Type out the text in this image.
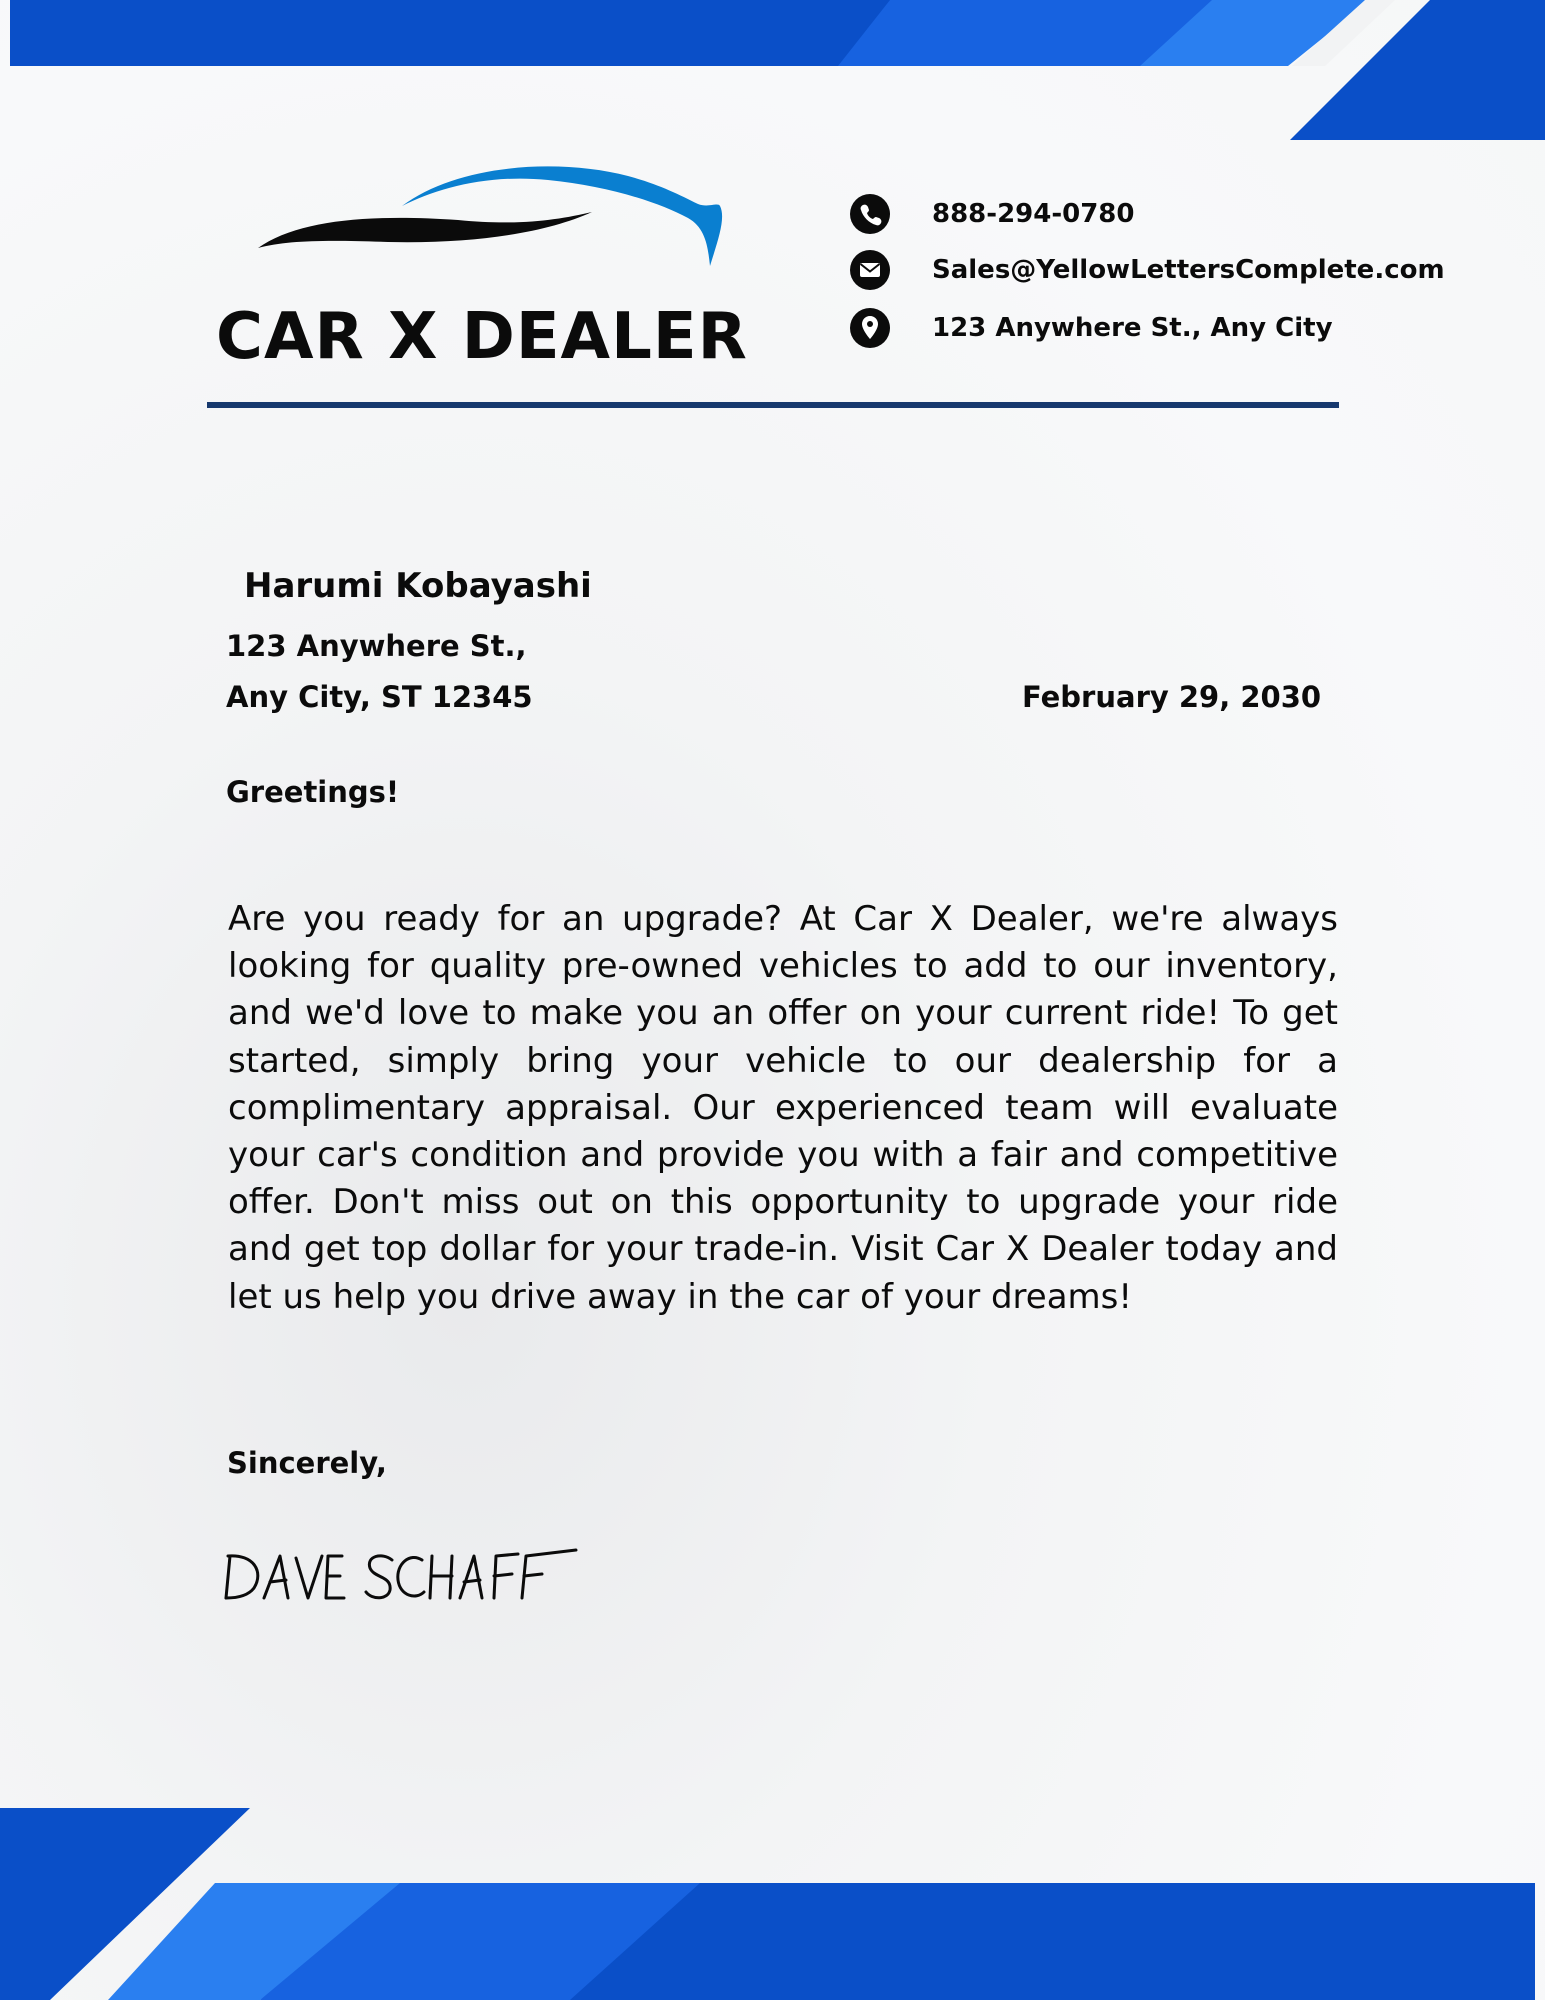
CAR X DEALER
888-294-0780
Sales@YellowLettersComplete.com
123 Anywhere St., Any City
Harumi Kobayashi
123 Anywhere St.,
Any City, ST 12345	February 29, 2030
Greetings!

Are you ready for an upgrade? At Car X Dealer, we're always looking for quality pre-owned vehicles to add to our inventory, and we'd love to make you an offer on your current ride! To get started, simply bring your vehicle to our dealership for a complimentary appraisal. Our experienced team will evaluate your car's condition and provide you with a fair and competitive offer. Don't miss out on this opportunity to upgrade your ride and get top dollar for your trade-in. Visit Car X Dealer today and let us help you drive away in the car of your dreams!

Sincerely,
